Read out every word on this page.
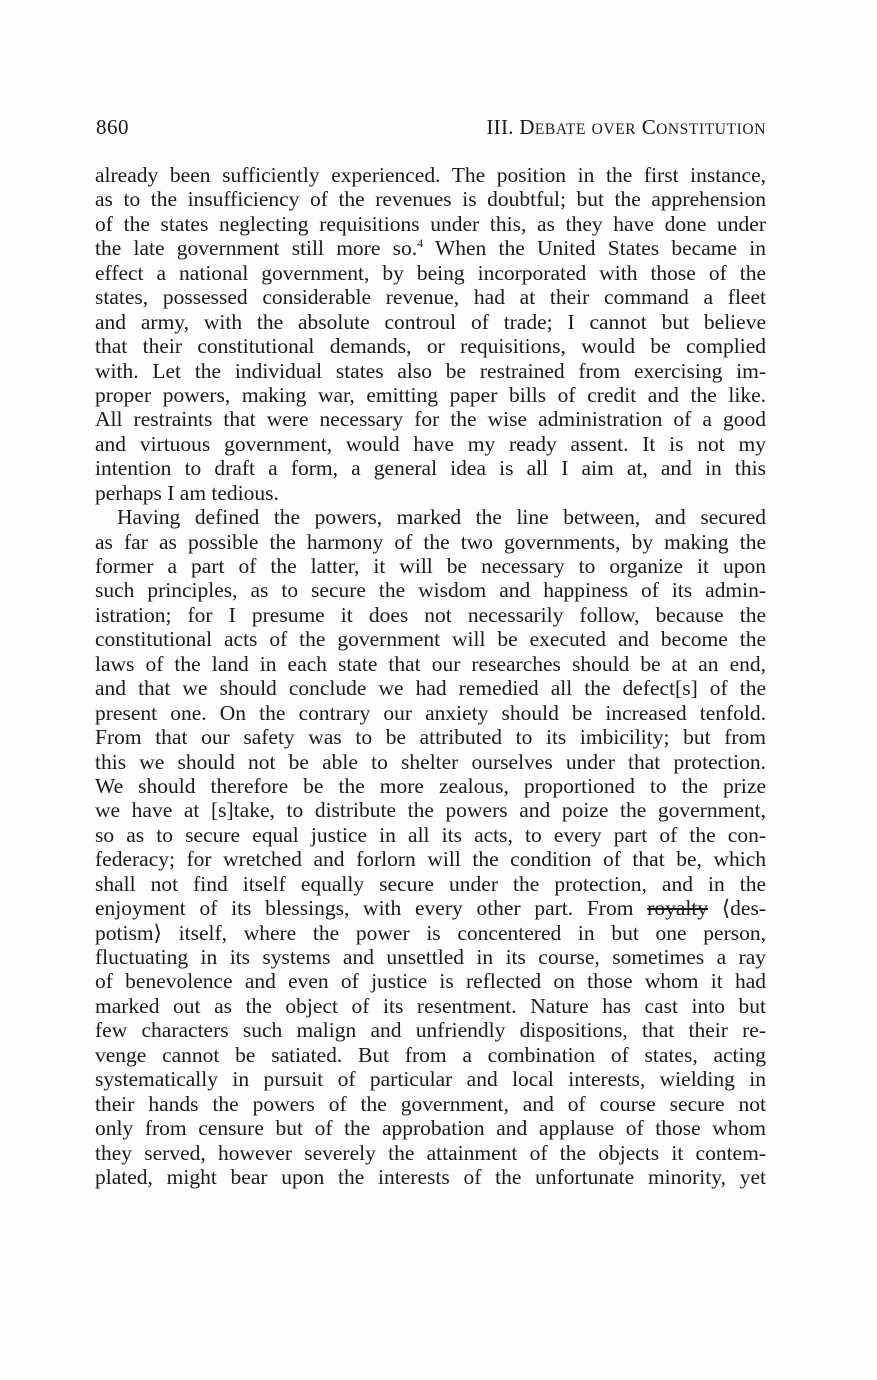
860	III. DEBATE OVER CONSTITUTION
already been sufficiently experienced. The position in the first instance,
as to the insufficiency of the revenues is doubtful; but the apprehension
of the states neglecting requisitions under this, as they have done under
the late government still more so.$^4$ When the United States became in
effect a national government, by being incorporated with those of the
states, possessed considerable revenue, had at their command a fleet
and army, with the absolute controul of trade; I cannot but believe
that their constitutional demands, or requisitions, would be complied
with. Let the individual states also be restrained from exercising im-
proper powers, making war, emitting paper bills of credit and the like.
All restraints that were necessary for the wise administration of a good
and virtuous government, would have my ready assent. It is not my
intention to draft a form, a general idea is all I aim at, and in this
perhaps I am tedious.
Having defined the powers, marked the line between, and secured
as far as possible the harmony of the two governments, by making the
former a part of the latter, it will be necessary to organize it upon
such principles, as to secure the wisdom and happiness of its admin-
istration; for I presume it does not necessarily follow, because the
constitutional acts of the government will be executed and become the
laws of the land in each state that our researches should be at an end,
and that we should conclude we had remedied all the defect[s] of the
present one. On the contrary our anxiety should be increased tenfold.
From that our safety was to be attributed to its imbicility; but from
this we should not be able to shelter ourselves under that protection.
We should therefore be the more zealous, proportioned to the prize
we have at [s]take, to distribute the powers and poize the government,
so as to secure equal justice in all its acts, to every part of the con-
federacy; for wretched and forlorn will the condition of that be, which
shall not find itself equally secure under the protection, and in the
enjoyment of its blessings, with every other part. From royalty ⟨des-
potism⟩ itself, where the power is concentered in but one person,
fluctuating in its systems and unsettled in its course, sometimes a ray
of benevolence and even of justice is reflected on those whom it had
marked out as the object of its resentment. Nature has cast into but
few characters such malign and unfriendly dispositions, that their re-
venge cannot be satiated. But from a combination of states, acting
systematically in pursuit of particular and local interests, wielding in
their hands the powers of the government, and of course secure not
only from censure but of the approbation and applause of those whom
they served, however severely the attainment of the objects it contem-
plated, might bear upon the interests of the unfortunate minority, yet
